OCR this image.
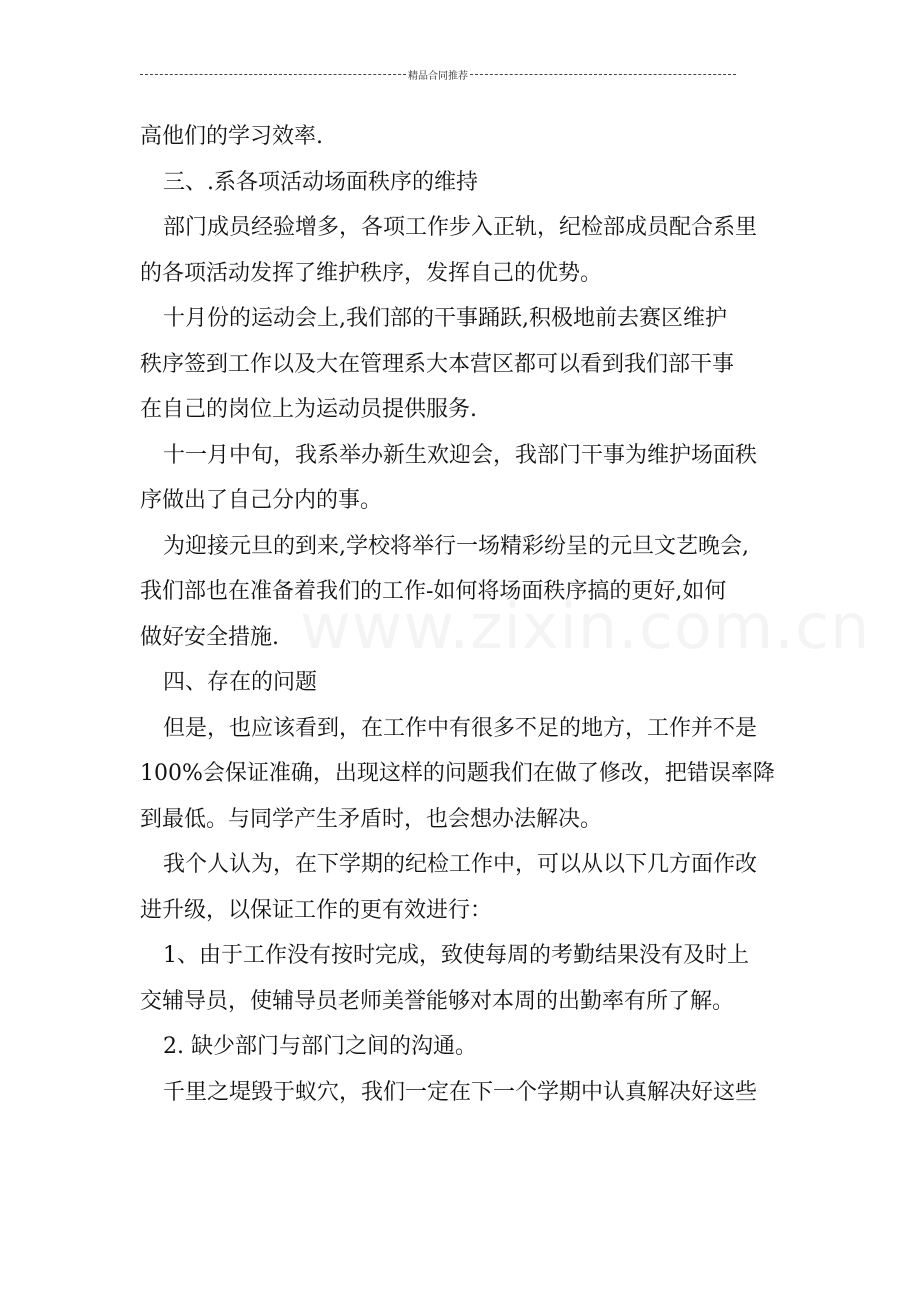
精品合同推荐
高他们的学习效率.
三、.系各项活动场面秩序的维持
部门成员经验增多，各项工作步入正轨，纪检部成员配合系里
的各项活动发挥了维护秩序，发挥自己的优势。
十月份的运动会上,我们部的干事踊跃,积极地前去赛区维护
秩序签到工作以及大在管理系大本营区都可以看到我们部干事
在自己的岗位上为运动员提供服务.
十一月中旬，我系举办新生欢迎会，我部门干事为维护场面秩
序做出了自己分内的事。
为迎接元旦的到来,学校将举行一场精彩纷呈的元旦文艺晚会,
我们部也在准备着我们的工作-如何将场面秩序搞的更好,如何
做好安全措施.
四、存在的问题
但是，也应该看到，在工作中有很多不足的地方，工作并不是
100%会保证准确，出现这样的问题我们在做了修改，把错误率降
到最低。与同学产生矛盾时，也会想办法解决。
我个人认为，在下学期的纪检工作中，可以从以下几方面作改
进升级，以保证工作的更有效进行：
1、由于工作没有按时完成，致使每周的考勤结果没有及时上
交辅导员，使辅导员老师美誉能够对本周的出勤率有所了解。
2. 缺少部门与部门之间的沟通。
千里之堤毁于蚁穴，我们一定在下一个学期中认真解决好这些
